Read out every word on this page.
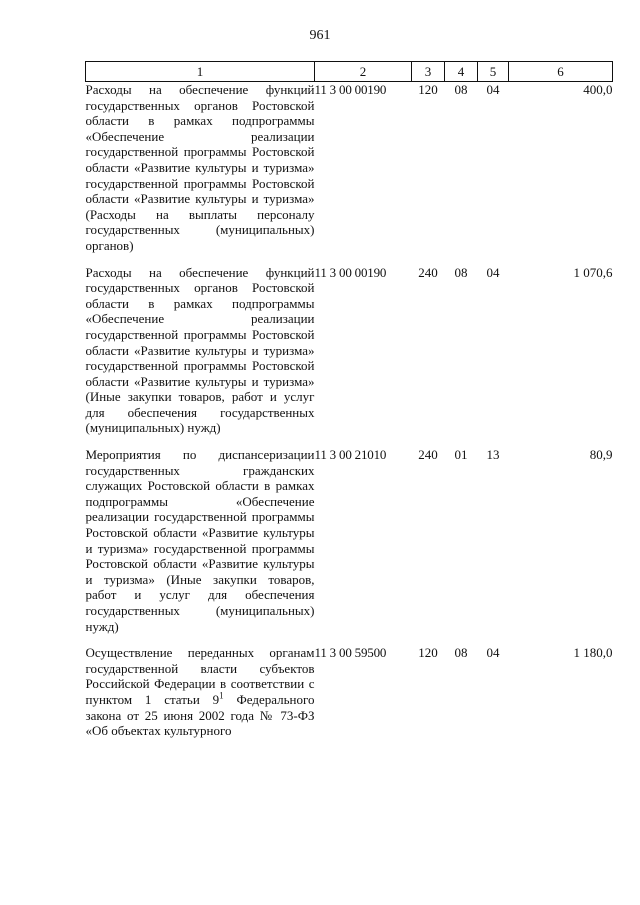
961
1	2	3	4	5	6
Расходы на обеспечение функций государственных органов Ростовской области в рамках подпрограммы «Обеспечение реализации государственной программы Ростовской области «Развитие культуры и туризма» государственной программы Ростовской области «Развитие культуры и туризма» (Расходы на выплаты персоналу государственных (муниципальных) органов)	11 3 00 00190	120	08	04	400,0
Расходы на обеспечение функций государственных органов Ростовской области в рамках подпрограммы «Обеспечение реализации государственной программы Ростовской области «Развитие культуры и туризма» государственной программы Ростовской области «Развитие культуры и туризма» (Иные закупки товаров, работ и услуг для обеспечения государственных (муниципальных) нужд)	11 3 00 00190	240	08	04	1 070,6
Мероприятия по диспансеризации государственных гражданских служащих Ростовской области в рамках подпрограммы «Обеспечение реализации государственной программы Ростовской области «Развитие культуры и туризма» государственной программы Ростовской области «Развитие культуры и туризма» (Иные закупки товаров, работ и услуг для обеспечения государственных (муниципальных) нужд)	11 3 00 21010	240	01	13	80,9
Осуществление переданных органам государственной власти субъектов Российской Федерации в соответствии с пунктом 1 статьи $9^1$ Федерального закона от 25 июня 2002 года № 73-ФЗ «Об объектах культурного	11 3 00 59500	120	08	04	1 180,0
